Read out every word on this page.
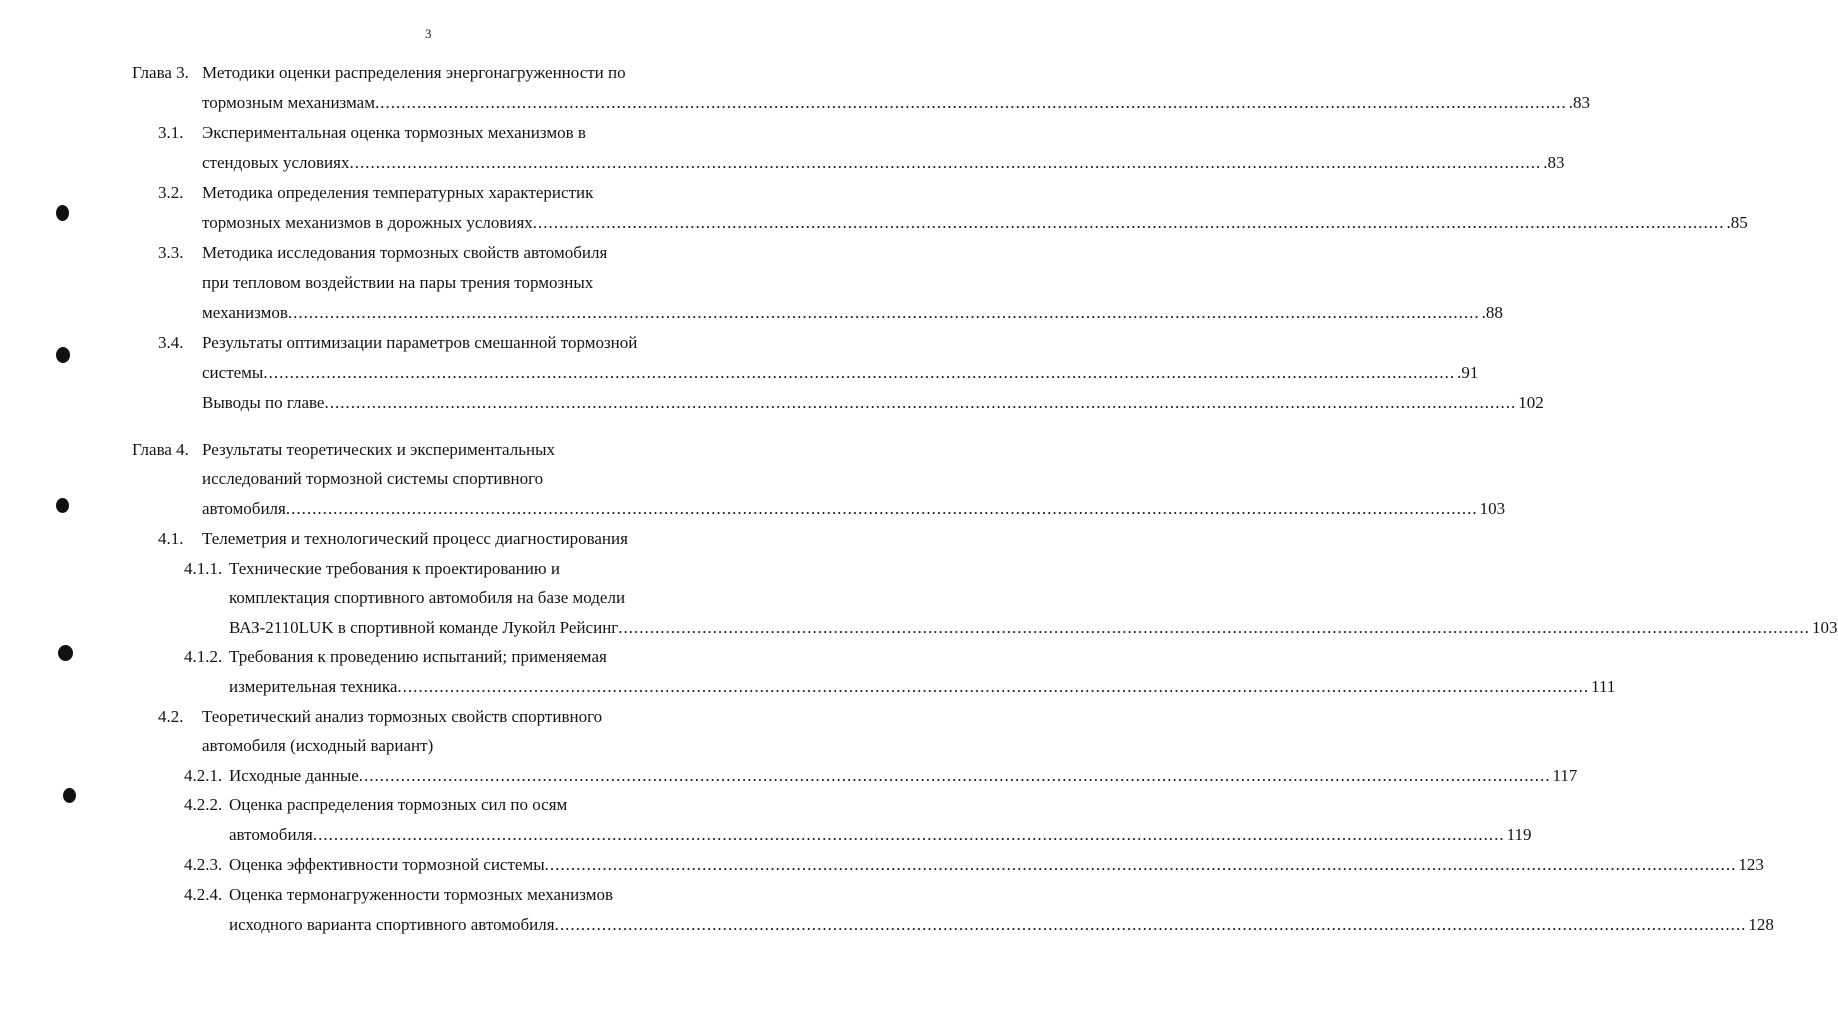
3
Глава 3. Методики оценки распределения энергонагруженности по
тормозным механизмам ................................................................................................................................................................................................................................... .83
3.1. Экспериментальная оценка тормозных механизмов в
стендовых условиях ................................................................................................................................................................................................................................... .83
3.2. Методика определения температурных характеристик
тормозных механизмов в дорожных условиях ................................................................................................................................................................................................................................... .85
3.3. Методика исследования тормозных свойств автомобиля
при тепловом воздействии на пары трения тормозных
механизмов ................................................................................................................................................................................................................................... .88
3.4. Результаты оптимизации параметров смешанной тормозной
системы ................................................................................................................................................................................................................................... .91
Выводы по главе ................................................................................................................................................................................................................................... 102
Глава 4. Результаты теоретических и экспериментальных
исследований тормозной системы спортивного
автомобиля ................................................................................................................................................................................................................................... 103
4.1. Телеметрия и технологический процесс диагностирования
4.1.1. Технические требования к проектированию и
комплектация спортивного автомобиля на базе модели
ВАЗ-2110LUK в спортивной команде Лукойл Рейсинг ................................................................................................................................................................................................................................... 103
4.1.2. Требования к проведению испытаний; применяемая
измерительная техника ................................................................................................................................................................................................................................... 111
4.2. Теоретический анализ тормозных свойств спортивного
автомобиля (исходный вариант)
4.2.1. Исходные данные ................................................................................................................................................................................................................................... 117
4.2.2. Оценка распределения тормозных сил по осям
автомобиля ................................................................................................................................................................................................................................... 119
4.2.3. Оценка эффективности тормозной системы ................................................................................................................................................................................................................................... 123
4.2.4. Оценка термонагруженности тормозных механизмов
исходного варианта спортивного автомобиля ................................................................................................................................................................................................................................... 128
